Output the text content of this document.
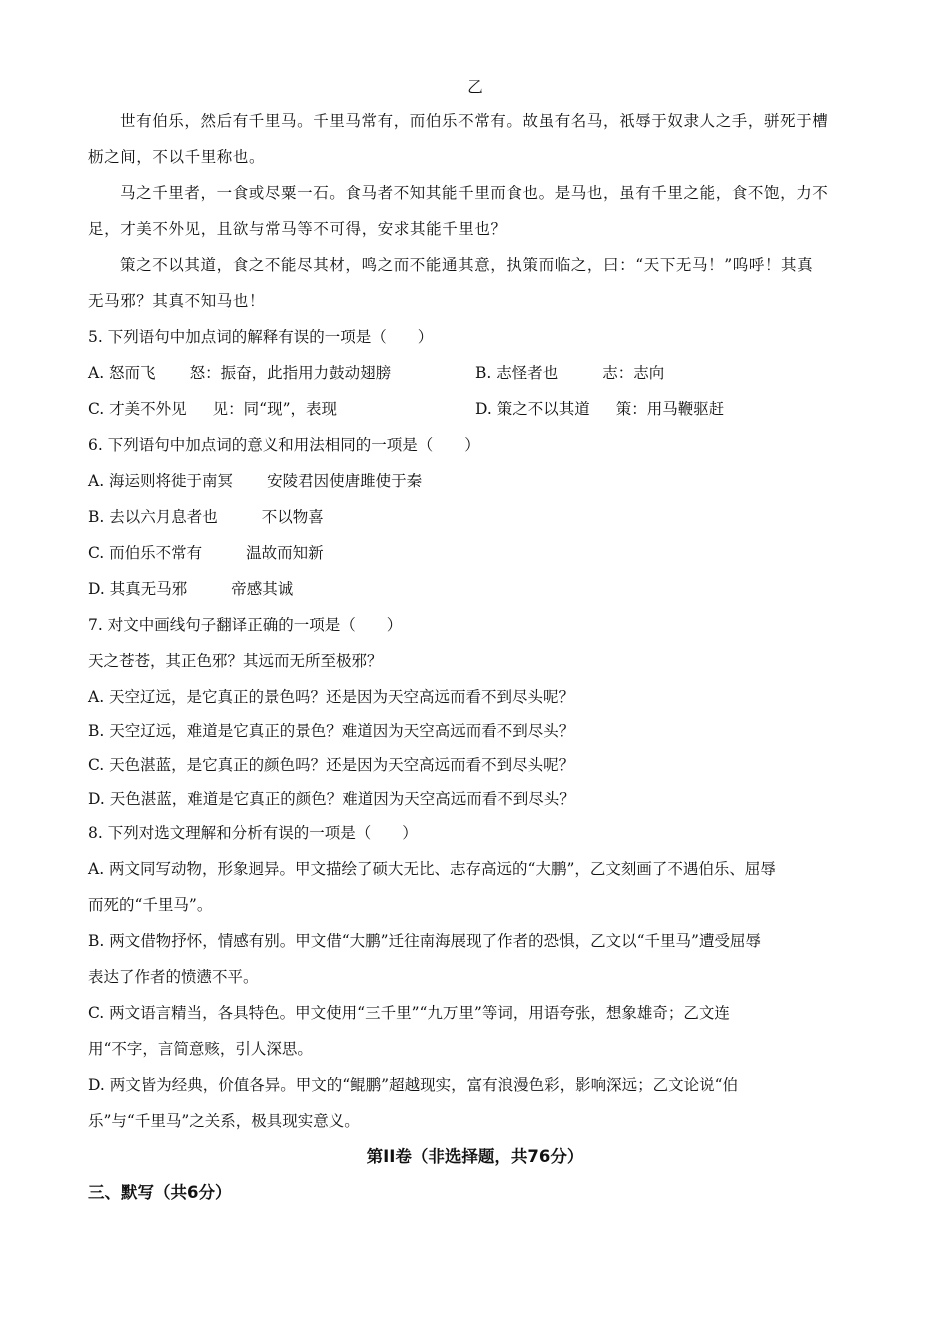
乙
世有伯乐，然后有千里马。千里马常有，而伯乐不常有。故虽有名马，祇辱于奴隶人之手，骈死于槽
枥之间，不以千里称也。
马之千里者，一食或尽粟一石。食马者不知其能千里而食也。是马也，虽有千里之能，食不饱，力不
足，才美不外见，且欲与常马等不可得，安求其能千里也？
策之不以其道，食之不能尽其材，鸣之而不能通其意，执策而临之，曰：“天下无马！”呜呼！其真
无马邪？其真不知马也！
5. 下列语句中加点词的解释有误的一项是（　　）
A. 怒而飞 怒：振奋，此指用力鼓动翅膀	B. 志怪者也	志：志向
C. 才美不外见 见：同“现”，表现	D. 策之不以其道 策：用马鞭驱赶
6. 下列语句中加点词的意义和用法相同的一项是（　　）
A. 海运则将徙于南冥 安陵君因使唐雎使于秦
B. 去以六月息者也	不以物喜
C. 而伯乐不常有	温故而知新
D. 其真无马邪	帝感其诚
7. 对文中画线句子翻译正确的一项是（　　）
天之苍苍，其正色邪？其远而无所至极邪？
A. 天空辽远，是它真正的景色吗？还是因为天空高远而看不到尽头呢？
B. 天空辽远，难道是它真正的景色？难道因为天空高远而看不到尽头？
C. 天色湛蓝，是它真正的颜色吗？还是因为天空高远而看不到尽头呢？
D. 天色湛蓝，难道是它真正的颜色？难道因为天空高远而看不到尽头？
8. 下列对选文理解和分析有误的一项是（　　）
A. 两文同写动物，形象迥异。甲文描绘了硕大无比、志存高远的“大鹏”，乙文刻画了不遇伯乐、屈辱
而死的“千里马”。
B. 两文借物抒怀，情感有别。甲文借“大鹏”迁往南海展现了作者的恐惧，乙文以“千里马”遭受屈辱
表达了作者的愤懑不平。
C. 两文语言精当，各具特色。甲文使用“三千里”“九万里”等词，用语夸张，想象雄奇；乙文连
用“不字，言简意赅，引人深思。
D. 两文皆为经典，价值各异。甲文的“鲲鹏”超越现实，富有浪漫色彩，影响深远；乙文论说“伯
乐”与“千里马”之关系，极具现实意义。
第II卷（非选择题，共76分）
三、默写（共6分）
